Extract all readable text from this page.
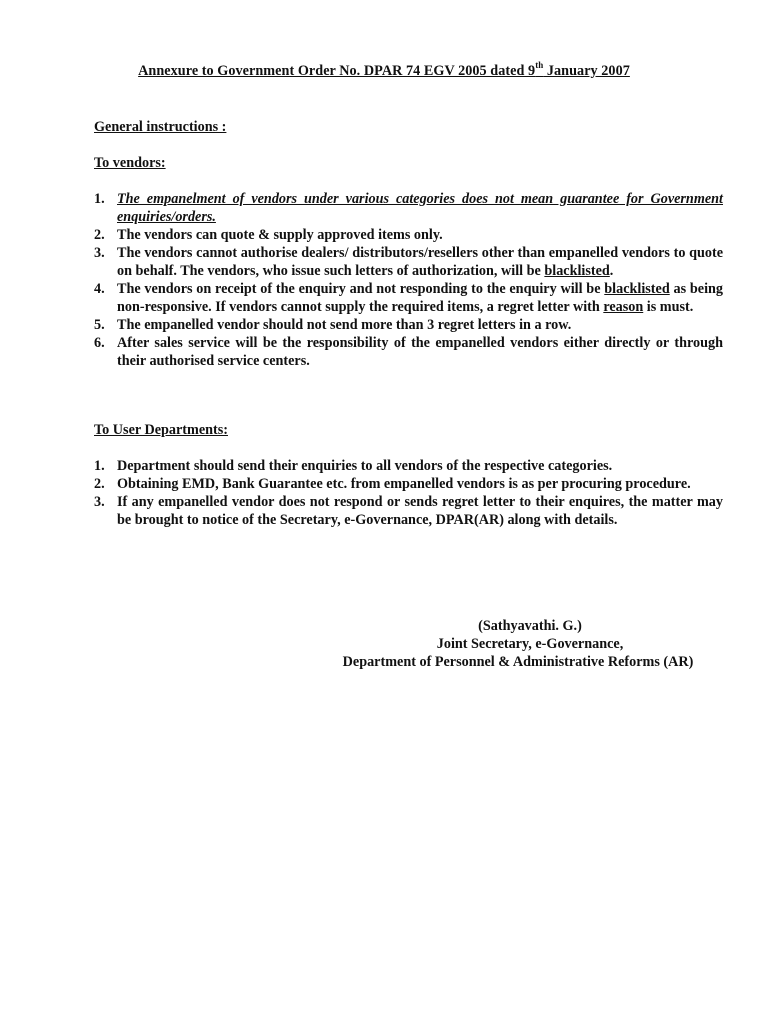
Annexure to Government Order No. DPAR 74 EGV 2005 dated 9th January 2007
General instructions :
To vendors:
1. The empanelment of vendors under various categories does not mean guarantee for Government enquiries/orders.
2. The vendors can quote & supply approved items only.
3. The vendors cannot authorise dealers/ distributors/resellers other than empanelled vendors to quote on behalf. The vendors, who issue such letters of authorization, will be blacklisted.
4. The vendors on receipt of the enquiry and not responding to the enquiry will be blacklisted as being non-responsive. If vendors cannot supply the required items, a regret letter with reason is must.
5. The empanelled vendor should not send more than 3 regret letters in a row.
6. After sales service will be the responsibility of the empanelled vendors either directly or through their authorised service centers.
To User Departments:
1. Department should send their enquiries to all vendors of the respective categories.
2. Obtaining EMD, Bank Guarantee etc. from empanelled vendors is as per procuring procedure.
3. If any empanelled vendor does not respond or sends regret letter to their enquires, the matter may be brought to notice of the Secretary, e-Governance, DPAR(AR) along with details.
(Sathyavathi. G.)
Joint Secretary, e-Governance,
Department of Personnel & Administrative Reforms (AR)
